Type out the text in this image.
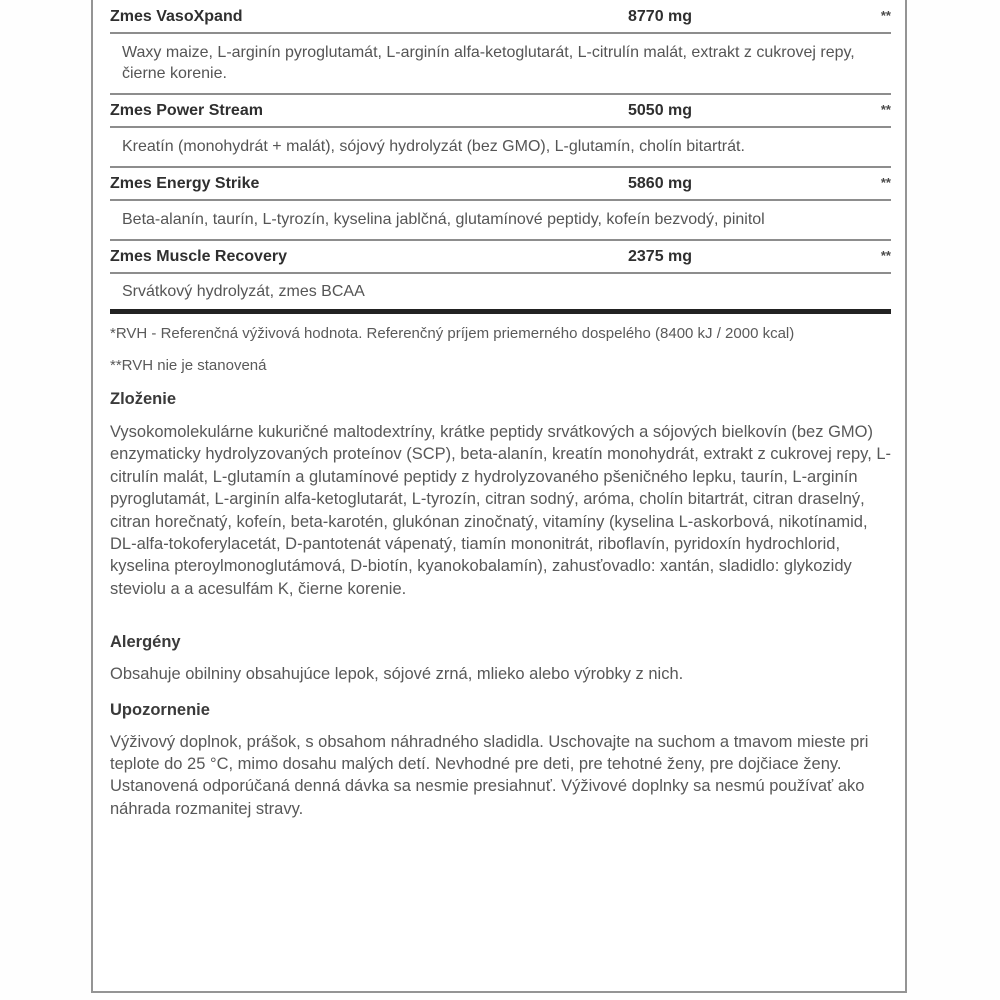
Zmes VasoXpand	8770 mg	**
Waxy maize, L-arginín pyroglutamát, L-arginín alfa-ketoglutarát, L-citrulín malát, extrakt z cukrovej repy, čierne korenie.
Zmes Power Stream	5050 mg	**
Kreatín (monohydrát + malát), sójový hydrolyzát (bez GMO), L-glutamín, cholín bitartrát.
Zmes Energy Strike	5860 mg	**
Beta-alanín, taurín, L-tyrozín, kyselina jablčná, glutamínové peptidy, kofeín bezvodý, pinitol
Zmes Muscle Recovery	2375 mg	**
Srvátkový hydrolyzát, zmes BCAA

*RVH - Referenčná výživová hodnota. Referenčný príjem priemerného dospelého (8400 kJ / 2000 kcal)

**RVH nie je stanovená

Zloženie

Vysokomolekulárne kukuričné maltodextríny, krátke peptidy srvátkových a sójových bielkovín (bez GMO) enzymaticky hydrolyzovaných proteínov (SCP), beta-alanín, kreatín monohydrát, extrakt z cukrovej repy, L-citrulín malát, L-glutamín a glutamínové peptidy z hydrolyzovaného pšeničného lepku, taurín, L-arginín pyroglutamát, L-arginín alfa-ketoglutarát, L-tyrozín, citran sodný, aróma, cholín bitartrát, citran draselný, citran horečnatý, kofeín, beta-karotén, glukónan zinočnatý, vitamíny (kyselina L-askorbová, nikotínamid, DL-alfa-tokoferylacetát, D-pantotenát vápenatý, tiamín mononitrát, riboflavín, pyridoxín hydrochlorid, kyselina pteroylmonoglutámová, D-biotín, kyanokobalamín), zahusťovadlo: xantán, sladidlo: glykozidy steviolu a a acesulfám K, čierne korenie.

Alergény

Obsahuje obilniny obsahujúce lepok, sójové zrná, mlieko alebo výrobky z nich.

Upozornenie

Výživový doplnok, prášok, s obsahom náhradného sladidla. Uschovajte na suchom a tmavom mieste pri teplote do 25 °C, mimo dosahu malých detí. Nevhodné pre deti, pre tehotné ženy, pre dojčiace ženy. Ustanovená odporúčaná denná dávka sa nesmie presiahnuť. Výživové doplnky sa nesmú používať ako náhrada rozmanitej stravy.
